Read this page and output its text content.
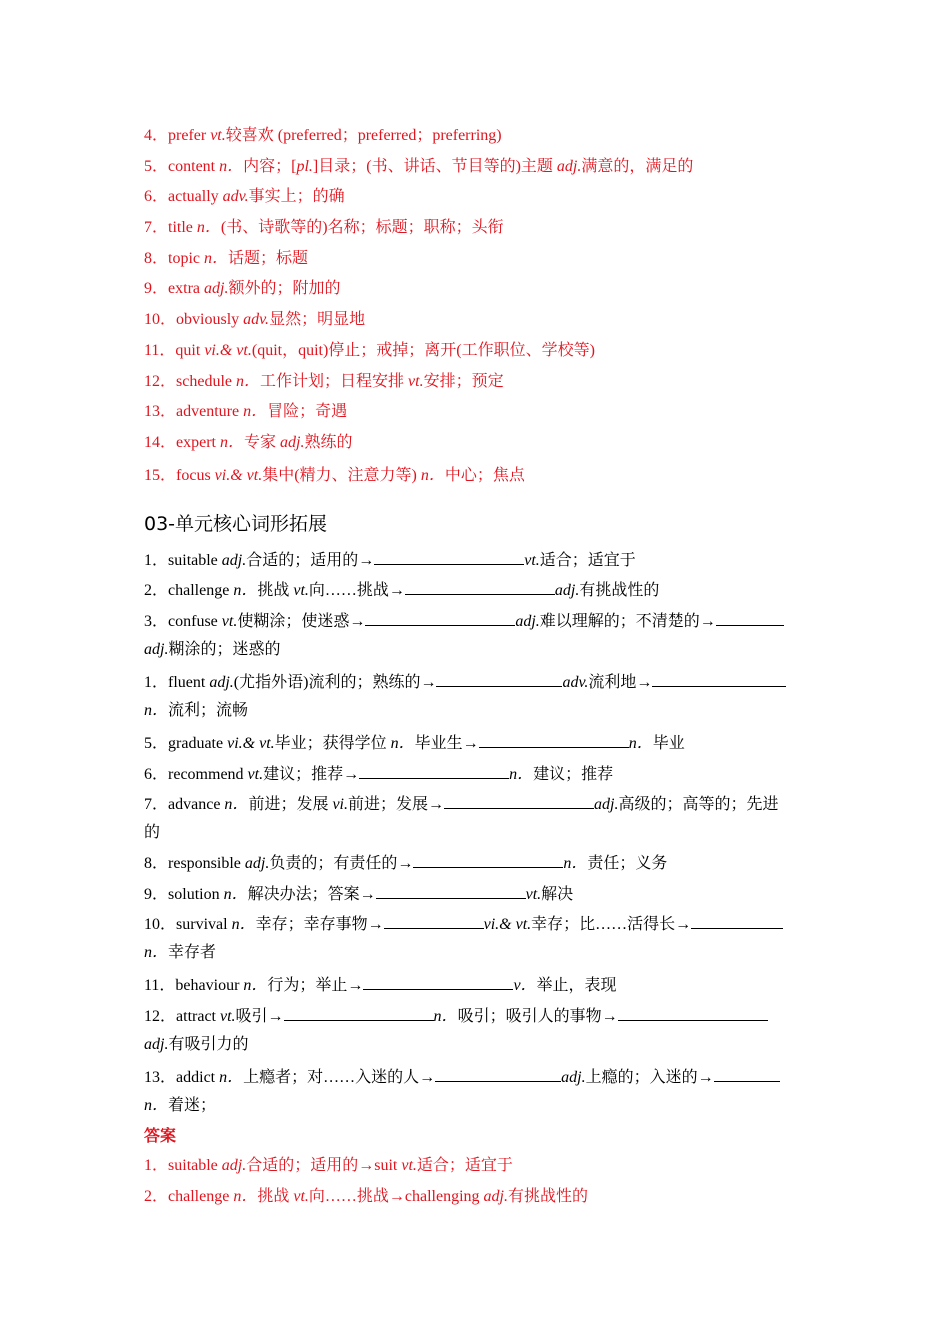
4．prefer vt.较喜欢 (preferred；preferred；preferring)
5．content n．内容；[pl.]目录；(书、讲话、节目等的)主题 adj.满意的，满足的
6．actually adv.事实上；的确
7．title n．(书、诗歌等的)名称；标题；职称；头衔
8．topic n．话题；标题
9．extra adj.额外的；附加的
10．obviously adv.显然；明显地
11．quit vi.& vt.(quit，quit)停止；戒掉；离开(工作职位、学校等)
12．schedule n．工作计划；日程安排 vt.安排；预定
13．adventure n．冒险；奇遇
14．expert n．专家 adj.熟练的
15．focus vi.& vt.集中(精力、注意力等) n．中心；焦点
03-单元核心词形拓展
1．suitable adj.合适的；适用的→	vt.适合；适宜于
2．challenge n．挑战 vt.向……挑战→	adj.有挑战性的
3．confuse vt.使糊涂；使迷惑→	adj.难以理解的；不清楚的→
adj.糊涂的；迷惑的
1．fluent adj.(尤指外语)流利的；熟练的→	adv.流利地→
n．流利；流畅
5．graduate vi.& vt.毕业；获得学位 n．毕业生→	n．毕业
6．recommend vt.建议；推荐→	n．建议；推荐
7．advance n．前进；发展 vi.前进；发展→	adj.高级的；高等的；先进
的
8．responsible adj.负责的；有责任的→	n．责任；义务
9．solution n．解决办法；答案→	vt.解决
10．survival n．幸存；幸存事物→	vi.& vt.幸存；比……活得长→
n．幸存者
11．behaviour n．行为；举止→	v．举止，表现
12．attract vt.吸引→	n．吸引；吸引人的事物→
adj.有吸引力的
13．addict n．上瘾者；对……入迷的人→	adj.上瘾的；入迷的→
n．着迷；
答案
1．suitable adj.合适的；适用的→suit vt.适合；适宜于
2．challenge n．挑战 vt.向……挑战→challenging adj.有挑战性的
